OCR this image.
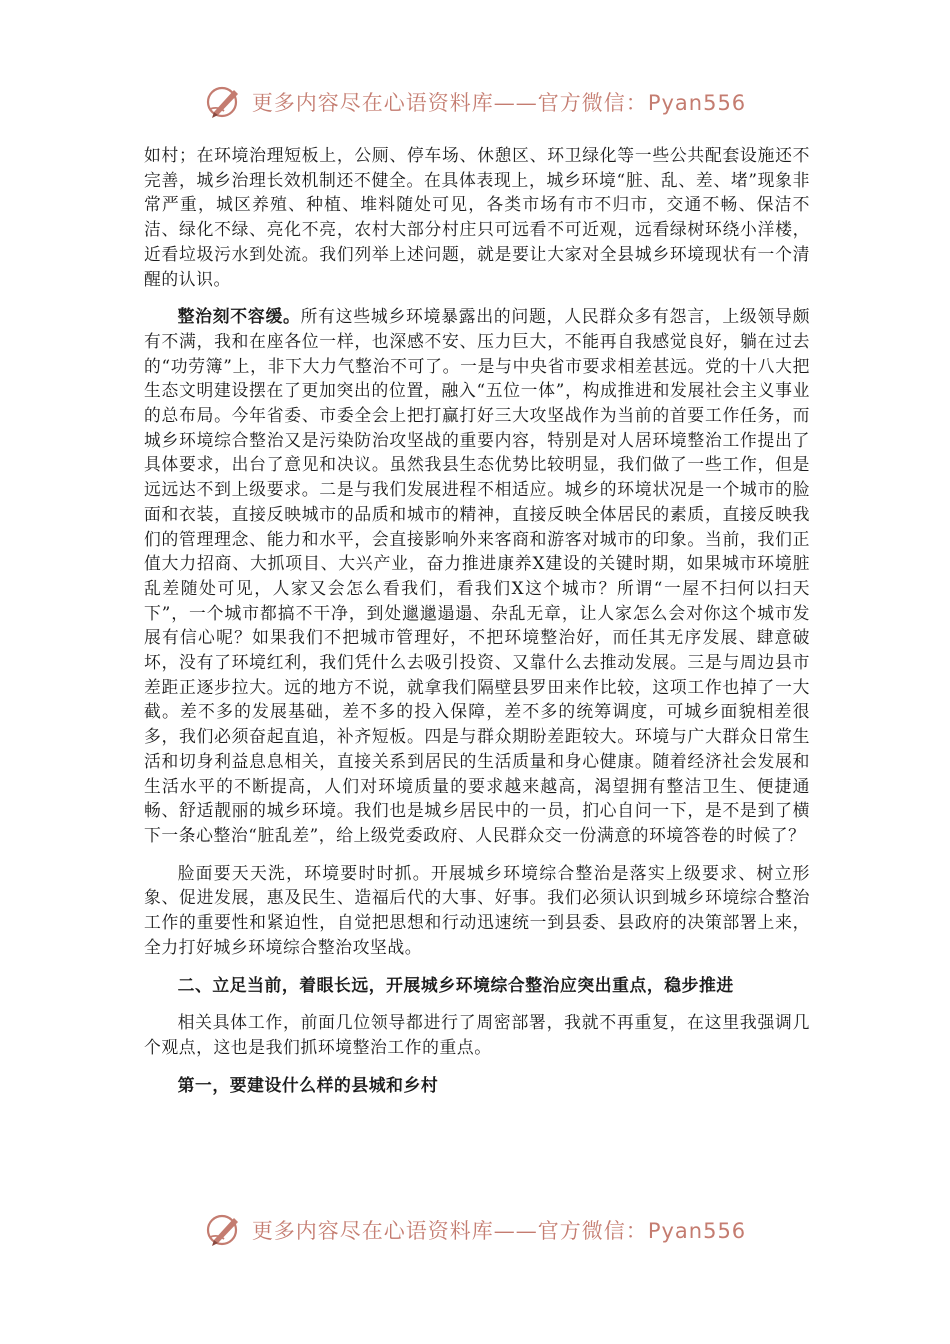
更多内容尽在心语资料库——官方微信：Pyan556

如村；在环境治理短板上，公厕、停车场、休憩区、环卫绿化等一些公共配套设施还不完善，城乡治理长效机制还不健全。在具体表现上，城乡环境“脏、乱、差、堵”现象非常严重，城区养殖、种植、堆料随处可见，各类市场有市不归市，交通不畅、保洁不洁、绿化不绿、亮化不亮，农村大部分村庄只可远看不可近观，远看绿树环绕小洋楼，近看垃圾污水到处流。我们列举上述问题，就是要让大家对全县城乡环境现状有一个清醒的认识。

整治刻不容缓。所有这些城乡环境暴露出的问题，人民群众多有怨言，上级领导颇有不满，我和在座各位一样，也深感不安、压力巨大，不能再自我感觉良好，躺在过去的“功劳簿”上，非下大力气整治不可了。一是与中央省市要求相差甚远。党的十八大把生态文明建设摆在了更加突出的位置，融入“五位一体”，构成推进和发展社会主义事业的总布局。今年省委、市委全会上把打赢打好三大攻坚战作为当前的首要工作任务，而城乡环境综合整治又是污染防治攻坚战的重要内容，特别是对人居环境整治工作提出了具体要求，出台了意见和决议。虽然我县生态优势比较明显，我们做了一些工作，但是远远达不到上级要求。二是与我们发展进程不相适应。城乡的环境状况是一个城市的脸面和衣装，直接反映城市的品质和城市的精神，直接反映全体居民的素质，直接反映我们的管理理念、能力和水平，会直接影响外来客商和游客对城市的印象。当前，我们正值大力招商、大抓项目、大兴产业，奋力推进康养X建设的关键时期，如果城市环境脏乱差随处可见，人家又会怎么看我们，看我们X这个城市？所谓“一屋不扫何以扫天下”，一个城市都搞不干净，到处邋邋遢遢、杂乱无章，让人家怎么会对你这个城市发展有信心呢？如果我们不把城市管理好，不把环境整治好，而任其无序发展、肆意破坏，没有了环境红利，我们凭什么去吸引投资、又靠什么去推动发展。三是与周边县市差距正逐步拉大。远的地方不说，就拿我们隔壁县罗田来作比较，这项工作也掉了一大截。差不多的发展基础，差不多的投入保障，差不多的统筹调度，可城乡面貌相差很多，我们必须奋起直追，补齐短板。四是与群众期盼差距较大。环境与广大群众日常生活和切身利益息息相关，直接关系到居民的生活质量和身心健康。随着经济社会发展和生活水平的不断提高，人们对环境质量的要求越来越高，渴望拥有整洁卫生、便捷通畅、舒适靓丽的城乡环境。我们也是城乡居民中的一员，扪心自问一下，是不是到了横下一条心整治“脏乱差”，给上级党委政府、人民群众交一份满意的环境答卷的时候了？

脸面要天天洗，环境要时时抓。开展城乡环境综合整治是落实上级要求、树立形象、促进发展，惠及民生、造福后代的大事、好事。我们必须认识到城乡环境综合整治工作的重要性和紧迫性，自觉把思想和行动迅速统一到县委、县政府的决策部署上来，全力打好城乡环境综合整治攻坚战。

二、立足当前，着眼长远，开展城乡环境综合整治应突出重点，稳步推进

相关具体工作，前面几位领导都进行了周密部署，我就不再重复，在这里我强调几个观点，这也是我们抓环境整治工作的重点。

第一，要建设什么样的县城和乡村

更多内容尽在心语资料库——官方微信：Pyan556
